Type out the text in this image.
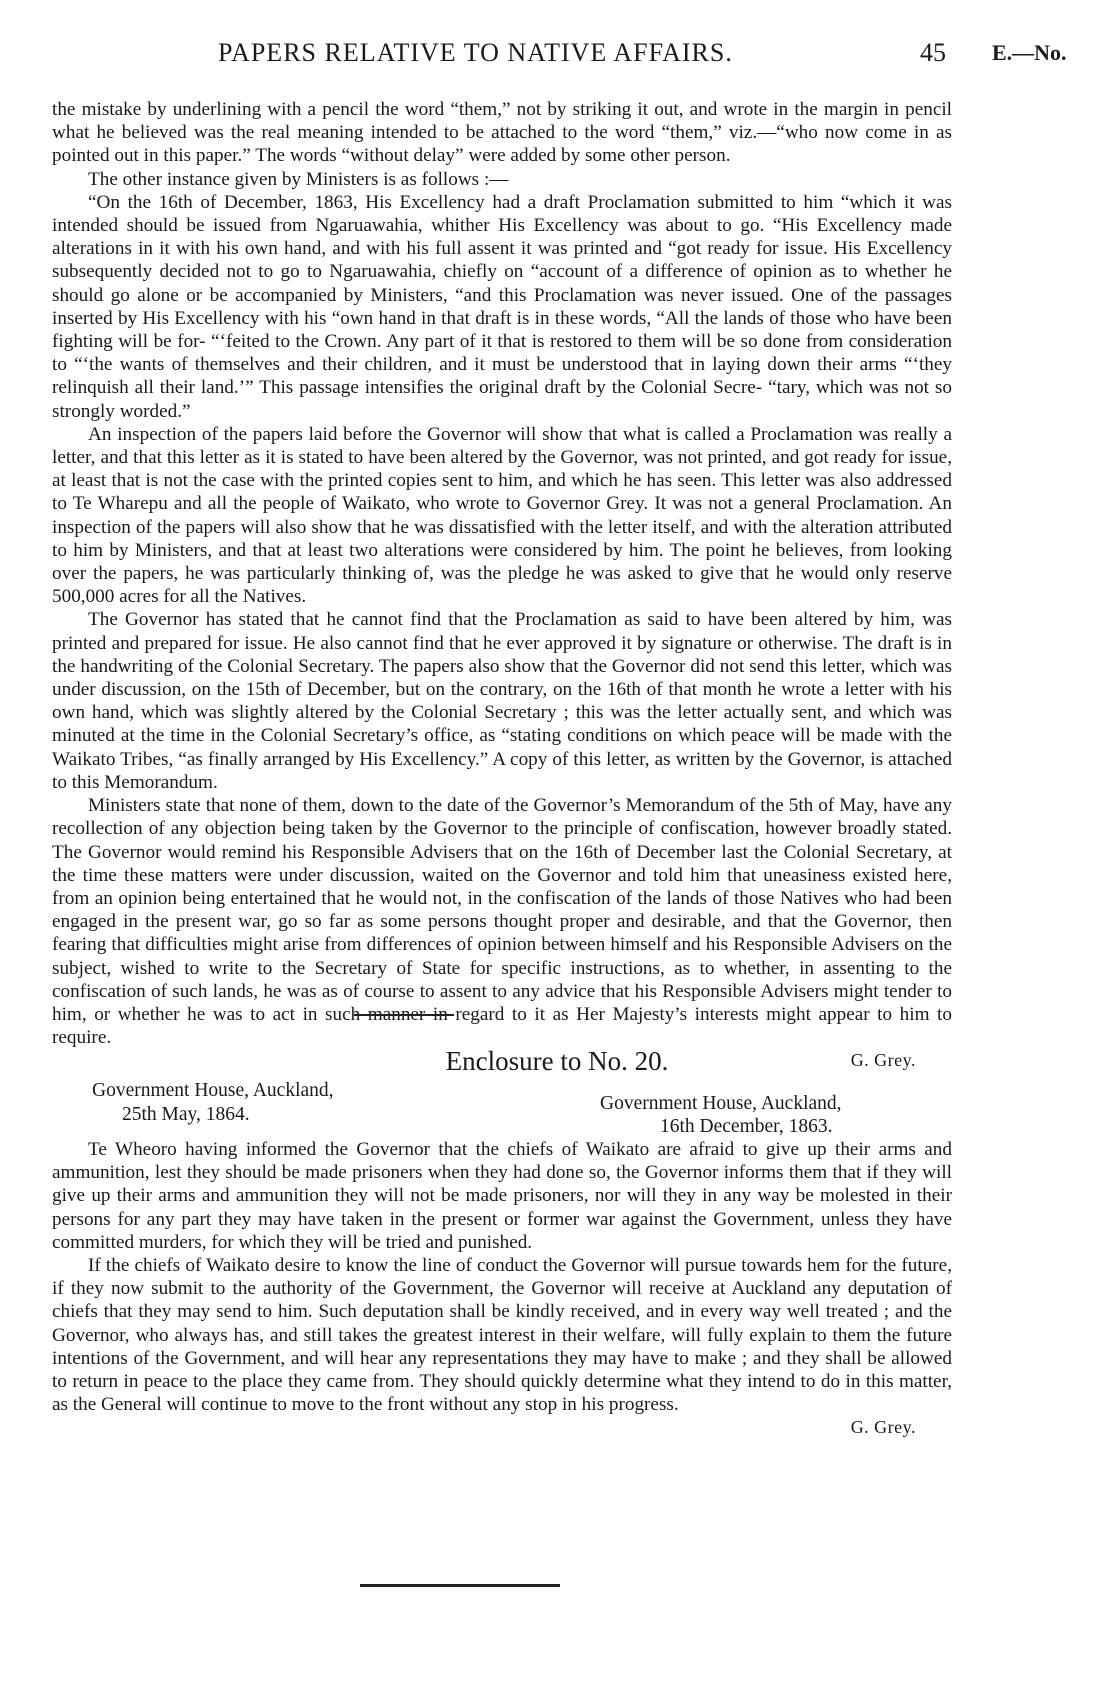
PAPERS RELATIVE TO NATIVE AFFAIRS.	45 E.—No.

the mistake by underlining with a pencil the word “them,” not by striking it out, and wrote in the margin in pencil what he believed was the real meaning intended to be attached to the word “them,” viz.—“who now come in as pointed out in this paper.” The words “without delay” were added by some other person.

The other instance given by Ministers is as follows :—

“On the 16th of December, 1863, His Excellency had a draft Proclamation submitted to him “which it was intended should be issued from Ngaruawahia, whither His Excellency was about to go. “His Excellency made alterations in it with his own hand, and with his full assent it was printed and “got ready for issue. His Excellency subsequently decided not to go to Ngaruawahia, chiefly on “account of a difference of opinion as to whether he should go alone or be accompanied by Ministers, “and this Proclamation was never issued. One of the passages inserted by His Excellency with his “own hand in that draft is in these words, “All the lands of those who have been fighting will be for- “‘feited to the Crown. Any part of it that is restored to them will be so done from consideration to “‘the wants of themselves and their children, and it must be understood that in laying down their arms “‘they relinquish all their land.’” This passage intensifies the original draft by the Colonial Secre- “tary, which was not so strongly worded.”

An inspection of the papers laid before the Governor will show that what is called a Proclamation was really a letter, and that this letter as it is stated to have been altered by the Governor, was not printed, and got ready for issue, at least that is not the case with the printed copies sent to him, and which he has seen. This letter was also addressed to Te Wharepu and all the people of Waikato, who wrote to Governor Grey. It was not a general Proclamation. An inspection of the papers will also show that he was dissatisfied with the letter itself, and with the alteration attributed to him by Ministers, and that at least two alterations were considered by him. The point he believes, from looking over the papers, he was particularly thinking of, was the pledge he was asked to give that he would only reserve 500,000 acres for all the Natives.

The Governor has stated that he cannot find that the Proclamation as said to have been altered by him, was printed and prepared for issue. He also cannot find that he ever approved it by signature or otherwise. The draft is in the handwriting of the Colonial Secretary. The papers also show that the Governor did not send this letter, which was under discussion, on the 15th of December, but on the contrary, on the 16th of that month he wrote a letter with his own hand, which was slightly altered by the Colonial Secretary ; this was the letter actually sent, and which was minuted at the time in the Colonial Secretary’s office, as “stating conditions on which peace will be made with the Waikato Tribes, “as finally arranged by His Excellency.” A copy of this letter, as written by the Governor, is attached to this Memorandum.

Ministers state that none of them, down to the date of the Governor’s Memorandum of the 5th of May, have any recollection of any objection being taken by the Governor to the principle of confiscation, however broadly stated. The Governor would remind his Responsible Advisers that on the 16th of December last the Colonial Secretary, at the time these matters were under discussion, waited on the Governor and told him that uneasiness existed here, from an opinion being entertained that he would not, in the confiscation of the lands of those Natives who had been engaged in the present war, go so far as some persons thought proper and desirable, and that the Governor, then fearing that difficulties might arise from differences of opinion between himself and his Responsible Advisers on the subject, wished to write to the Secretary of State for specific instructions, as to whether, in assenting to the confiscation of such lands, he was as of course to assent to any advice that his Responsible Advisers might tender to him, or whether he was to act in such manner in regard to it as Her Majesty’s interests might appear to him to require.

G. Grey.

Government House, Auckland,
25th May, 1864.
Enclosure to No. 20.
Government House, Auckland,
16th December, 1863.

Te Wheoro having informed the Governor that the chiefs of Waikato are afraid to give up their arms and ammunition, lest they should be made prisoners when they had done so, the Governor informs them that if they will give up their arms and ammunition they will not be made prisoners, nor will they in any way be molested in their persons for any part they may have taken in the present or former war against the Government, unless they have committed murders, for which they will be tried and punished.

If the chiefs of Waikato desire to know the line of conduct the Governor will pursue towards hem for the future, if they now submit to the authority of the Government, the Governor will receive at Auckland any deputation of chiefs that they may send to him. Such deputation shall be kindly received, and in every way well treated ; and the Governor, who always has, and still takes the greatest interest in their welfare, will fully explain to them the future intentions of the Government, and will hear any representations they may have to make ; and they shall be allowed to return in peace to the place they came from. They should quickly determine what they intend to do in this matter, as the General will continue to move to the front without any stop in his progress.

G. Grey.
